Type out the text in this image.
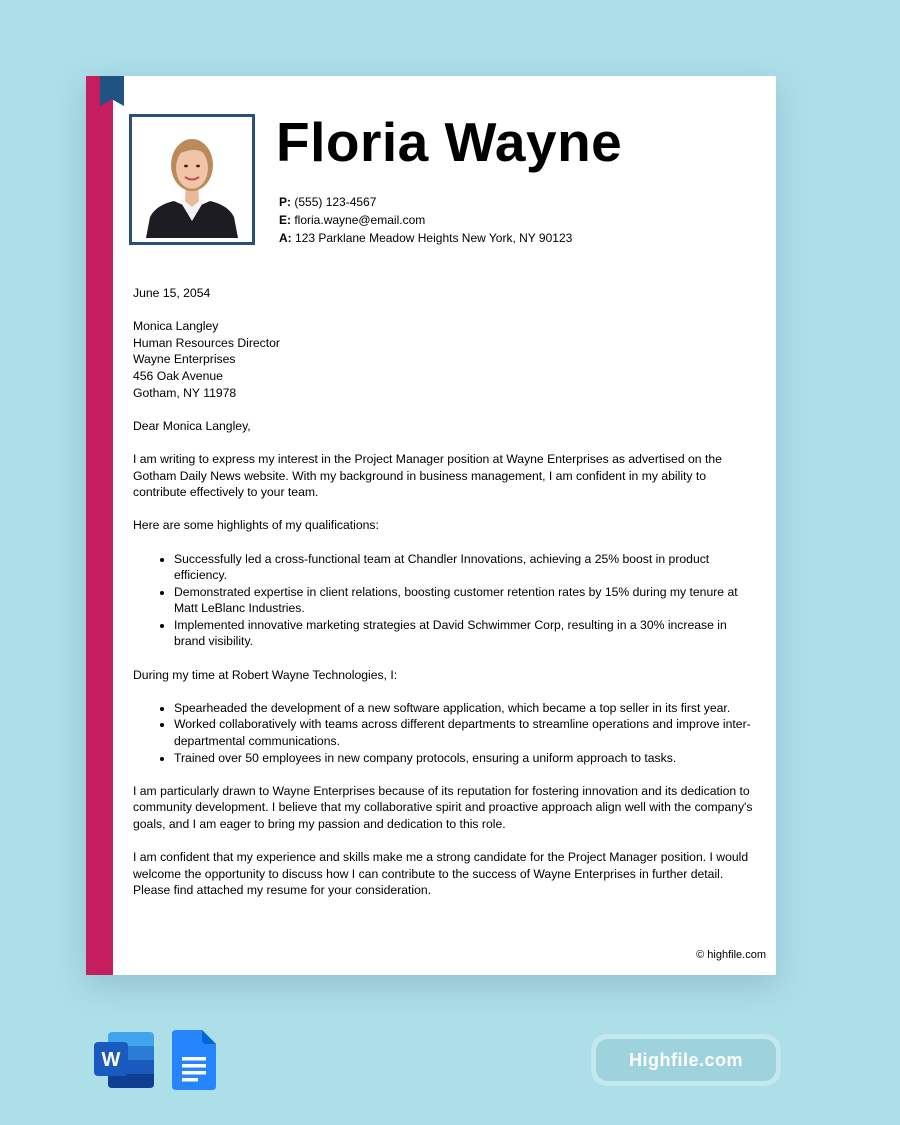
Floria Wayne
P: (555) 123-4567
E: floria.wayne@email.com
A: 123 Parklane Meadow Heights New York, NY 90123

June 15, 2054

Monica Langley
Human Resources Director
Wayne Enterprises
456 Oak Avenue
Gotham, NY 11978

Dear Monica Langley,

I am writing to express my interest in the Project Manager position at Wayne Enterprises as advertised on the Gotham Daily News website. With my background in business management, I am confident in my ability to contribute effectively to your team.

Here are some highlights of my qualifications:

• Successfully led a cross-functional team at Chandler Innovations, achieving a 25% boost in product efficiency.
• Demonstrated expertise in client relations, boosting customer retention rates by 15% during my tenure at Matt LeBlanc Industries.
• Implemented innovative marketing strategies at David Schwimmer Corp, resulting in a 30% increase in brand visibility.

During my time at Robert Wayne Technologies, I:

• Spearheaded the development of a new software application, which became a top seller in its first year.
• Worked collaboratively with teams across different departments to streamline operations and improve inter-departmental communications.
• Trained over 50 employees in new company protocols, ensuring a uniform approach to tasks.

I am particularly drawn to Wayne Enterprises because of its reputation for fostering innovation and its dedication to community development. I believe that my collaborative spirit and proactive approach align well with the company's goals, and I am eager to bring my passion and dedication to this role.

I am confident that my experience and skills make me a strong candidate for the Project Manager position. I would welcome the opportunity to discuss how I can contribute to the success of Wayne Enterprises in further detail. Please find attached my resume for your consideration.

© highfile.com
W	Highfile.com
